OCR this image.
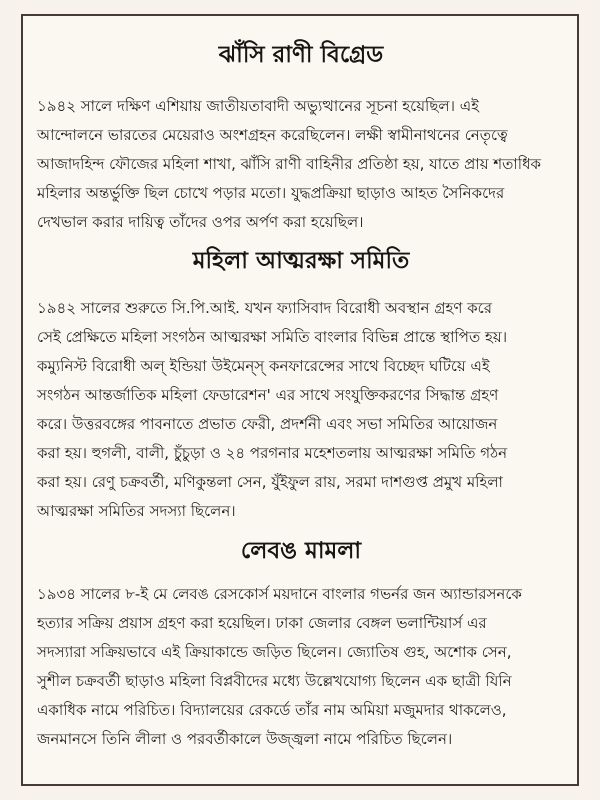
ঝাঁসি রাণী বিগ্রেড

১৯৪২ সালে দক্ষিণ এশিয়ায় জাতীয়তাবাদী অভ্যুত্থানের সূচনা হয়েছিল। এই
আন্দোলনে ভারতের মেয়েরাও অংশগ্রহন করেছিলেন। লক্ষী স্বামীনাথনের নেতৃত্বে
আজাদহিন্দ ফৌজের মহিলা শাখা, ঝাঁসি রাণী বাহিনীর প্রতিষ্ঠা হয়, যাতে প্রায় শতাধিক
মহিলার অন্তর্ভুক্তি ছিল চোখে পড়ার মতো। যুদ্ধপ্রক্রিয়া ছাড়াও আহত সৈনিকদের
দেখভাল করার দায়িত্ব তাঁদের ওপর অর্পণ করা হয়েছিল।

মহিলা আত্মরক্ষা সমিতি

১৯৪২ সালের শুরুতে সি.পি.আই. যখন ফ্যাসিবাদ বিরোধী অবস্থান গ্রহণ করে
সেই প্রেক্ষিতে মহিলা সংগঠন আত্মরক্ষা সমিতি বাংলার বিভিন্ন প্রান্তে স্থাপিত হয়।
কম্যুনিস্ট বিরোধী অল্ ইন্ডিয়া উইমেন্স্ কনফারেন্সের সাথে বিচ্ছেদ ঘটিয়ে এই
সংগঠন আন্তর্জাতিক মহিলা ফেডারেশন' এর সাথে সংযুক্তিকরণের সিদ্ধান্ত গ্রহণ
করে। উত্তরবঙ্গের পাবনাতে প্রভাত ফেরী, প্রদর্শনী এবং সভা সমিতির আয়োজন
করা হয়। হুগলী, বালী, চুঁচুড়া ও ২৪ পরগনার মহেশতলায় আত্মরক্ষা সমিতি গঠন
করা হয়। রেণু চক্রবর্তী, মণিকুন্তলা সেন, যুঁইফুল রায়, সরমা দাশগুপ্ত প্রমুখ মহিলা
আত্মরক্ষা সমিতির সদস্যা ছিলেন।

লেবঙ মামলা

১৯৩৪ সালের ৮-ই মে লেবঙ রেসকোর্স ময়দানে বাংলার গভর্নর জন অ্যান্ডারসনকে
হত্যার সক্রিয় প্রয়াস গ্রহণ করা হয়েছিল। ঢাকা জেলার বেঙ্গল ভলান্টিয়ার্স এর
সদস্যারা সক্রিয়ভাবে এই ক্রিয়াকান্ডে জড়িত ছিলেন। জ্যোতিষ গুহ, অশোক সেন,
সুশীল চক্রবর্তী ছাড়াও মহিলা বিপ্লবীদের মধ্যে উল্লেখযোগ্য ছিলেন এক ছাত্রী যিনি
একাধিক নামে পরিচিত। বিদ্যালয়ের রেকর্ডে তাঁর নাম অমিয়া মজুমদার থাকলেও,
জনমানসে তিনি লীলা ও পরবর্তীকালে উজ্জ্বলা নামে পরিচিত ছিলেন।
